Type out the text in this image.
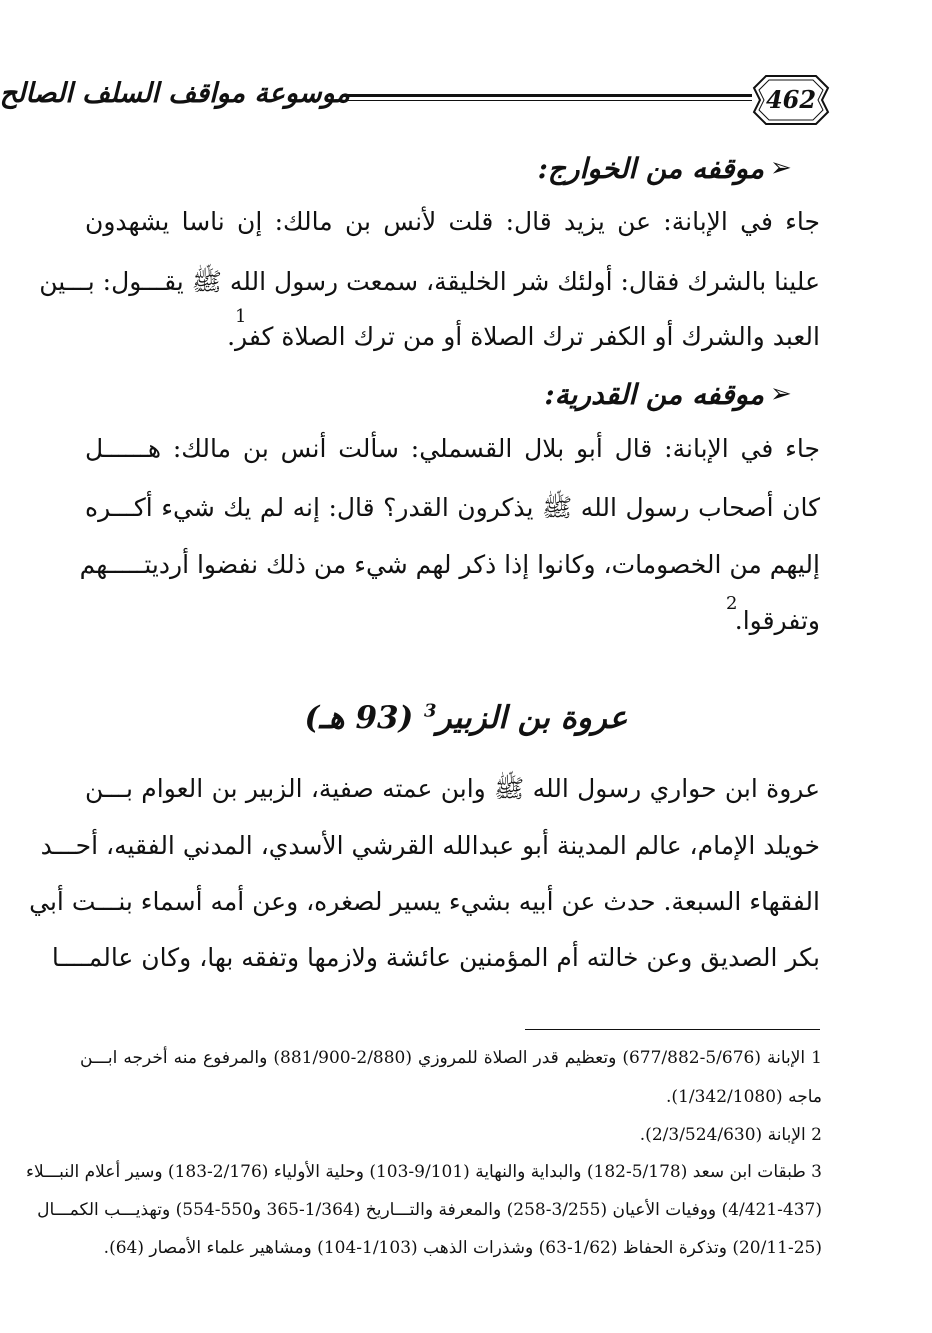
462
موسوعة مواقف السلف الصالح
➢
موقفه من الخوارج:
جاء في الإبانة: عن يزيد قال: قلت لأنس بن مالك: إن ناسا يشهدون
علينا بالشرك فقال: أولئك شر الخليقة، سمعت رسول الله ﷺ يقـــول: بـــين
العبد والشرك أو الكفر ترك الصلاة أو من ترك الصلاة كفر.
1
➢
موقفه من القدرية:
جاء في الإبانة: قال أبو بلال القسملي: سألت أنس بن مالك: هــــــل
كان أصحاب رسول الله ﷺ يذكرون القدر؟ قال: إنه لم يك شيء أكـــره
إليهم من الخصومات، وكانوا إذا ذكر لهم شيء من ذلك نفضوا أرديتـــــهم
وتفرقوا.
2
عروة بن الزبير$^3$ (93 هـ)
عروة ابن حواري رسول الله ﷺ وابن عمته صفية، الزبير بن العوام بـــن
خويلد الإمام، عالم المدينة أبو عبدالله القرشي الأسدي، المدني الفقيه، أحـــد
الفقهاء السبعة. حدث عن أبيه بشيء يسير لصغره، وعن أمه أسماء بنـــت أبي
بكر الصديق وعن خالته أم المؤمنين عائشة ولازمها وتفقه بها، وكان عالمــــا
1 الإبانة (5/676-677/882) وتعظيم قدر الصلاة للمروزي (2/880-881/900) والمرفوع منه أخرجه ابـــن
ماجه (1/342/1080).
2 الإبانة (2/3/524/630).
3 طبقات ابن سعد (5/178-182) والبداية والنهاية (9/101-103) وحلية الأولياء (2/176-183) وسير أعلام النبـــلاء
(4/421-437) ووفيات الأعيان (3/255-258) والمعرفة والتـــاريخ (1/364-365 و550-554) وتهذيـــب الكمـــال
(20/11-25) وتذكرة الحفاظ (1/62-63) وشذرات الذهب (1/103-104) ومشاهير علماء الأمصار (64).
